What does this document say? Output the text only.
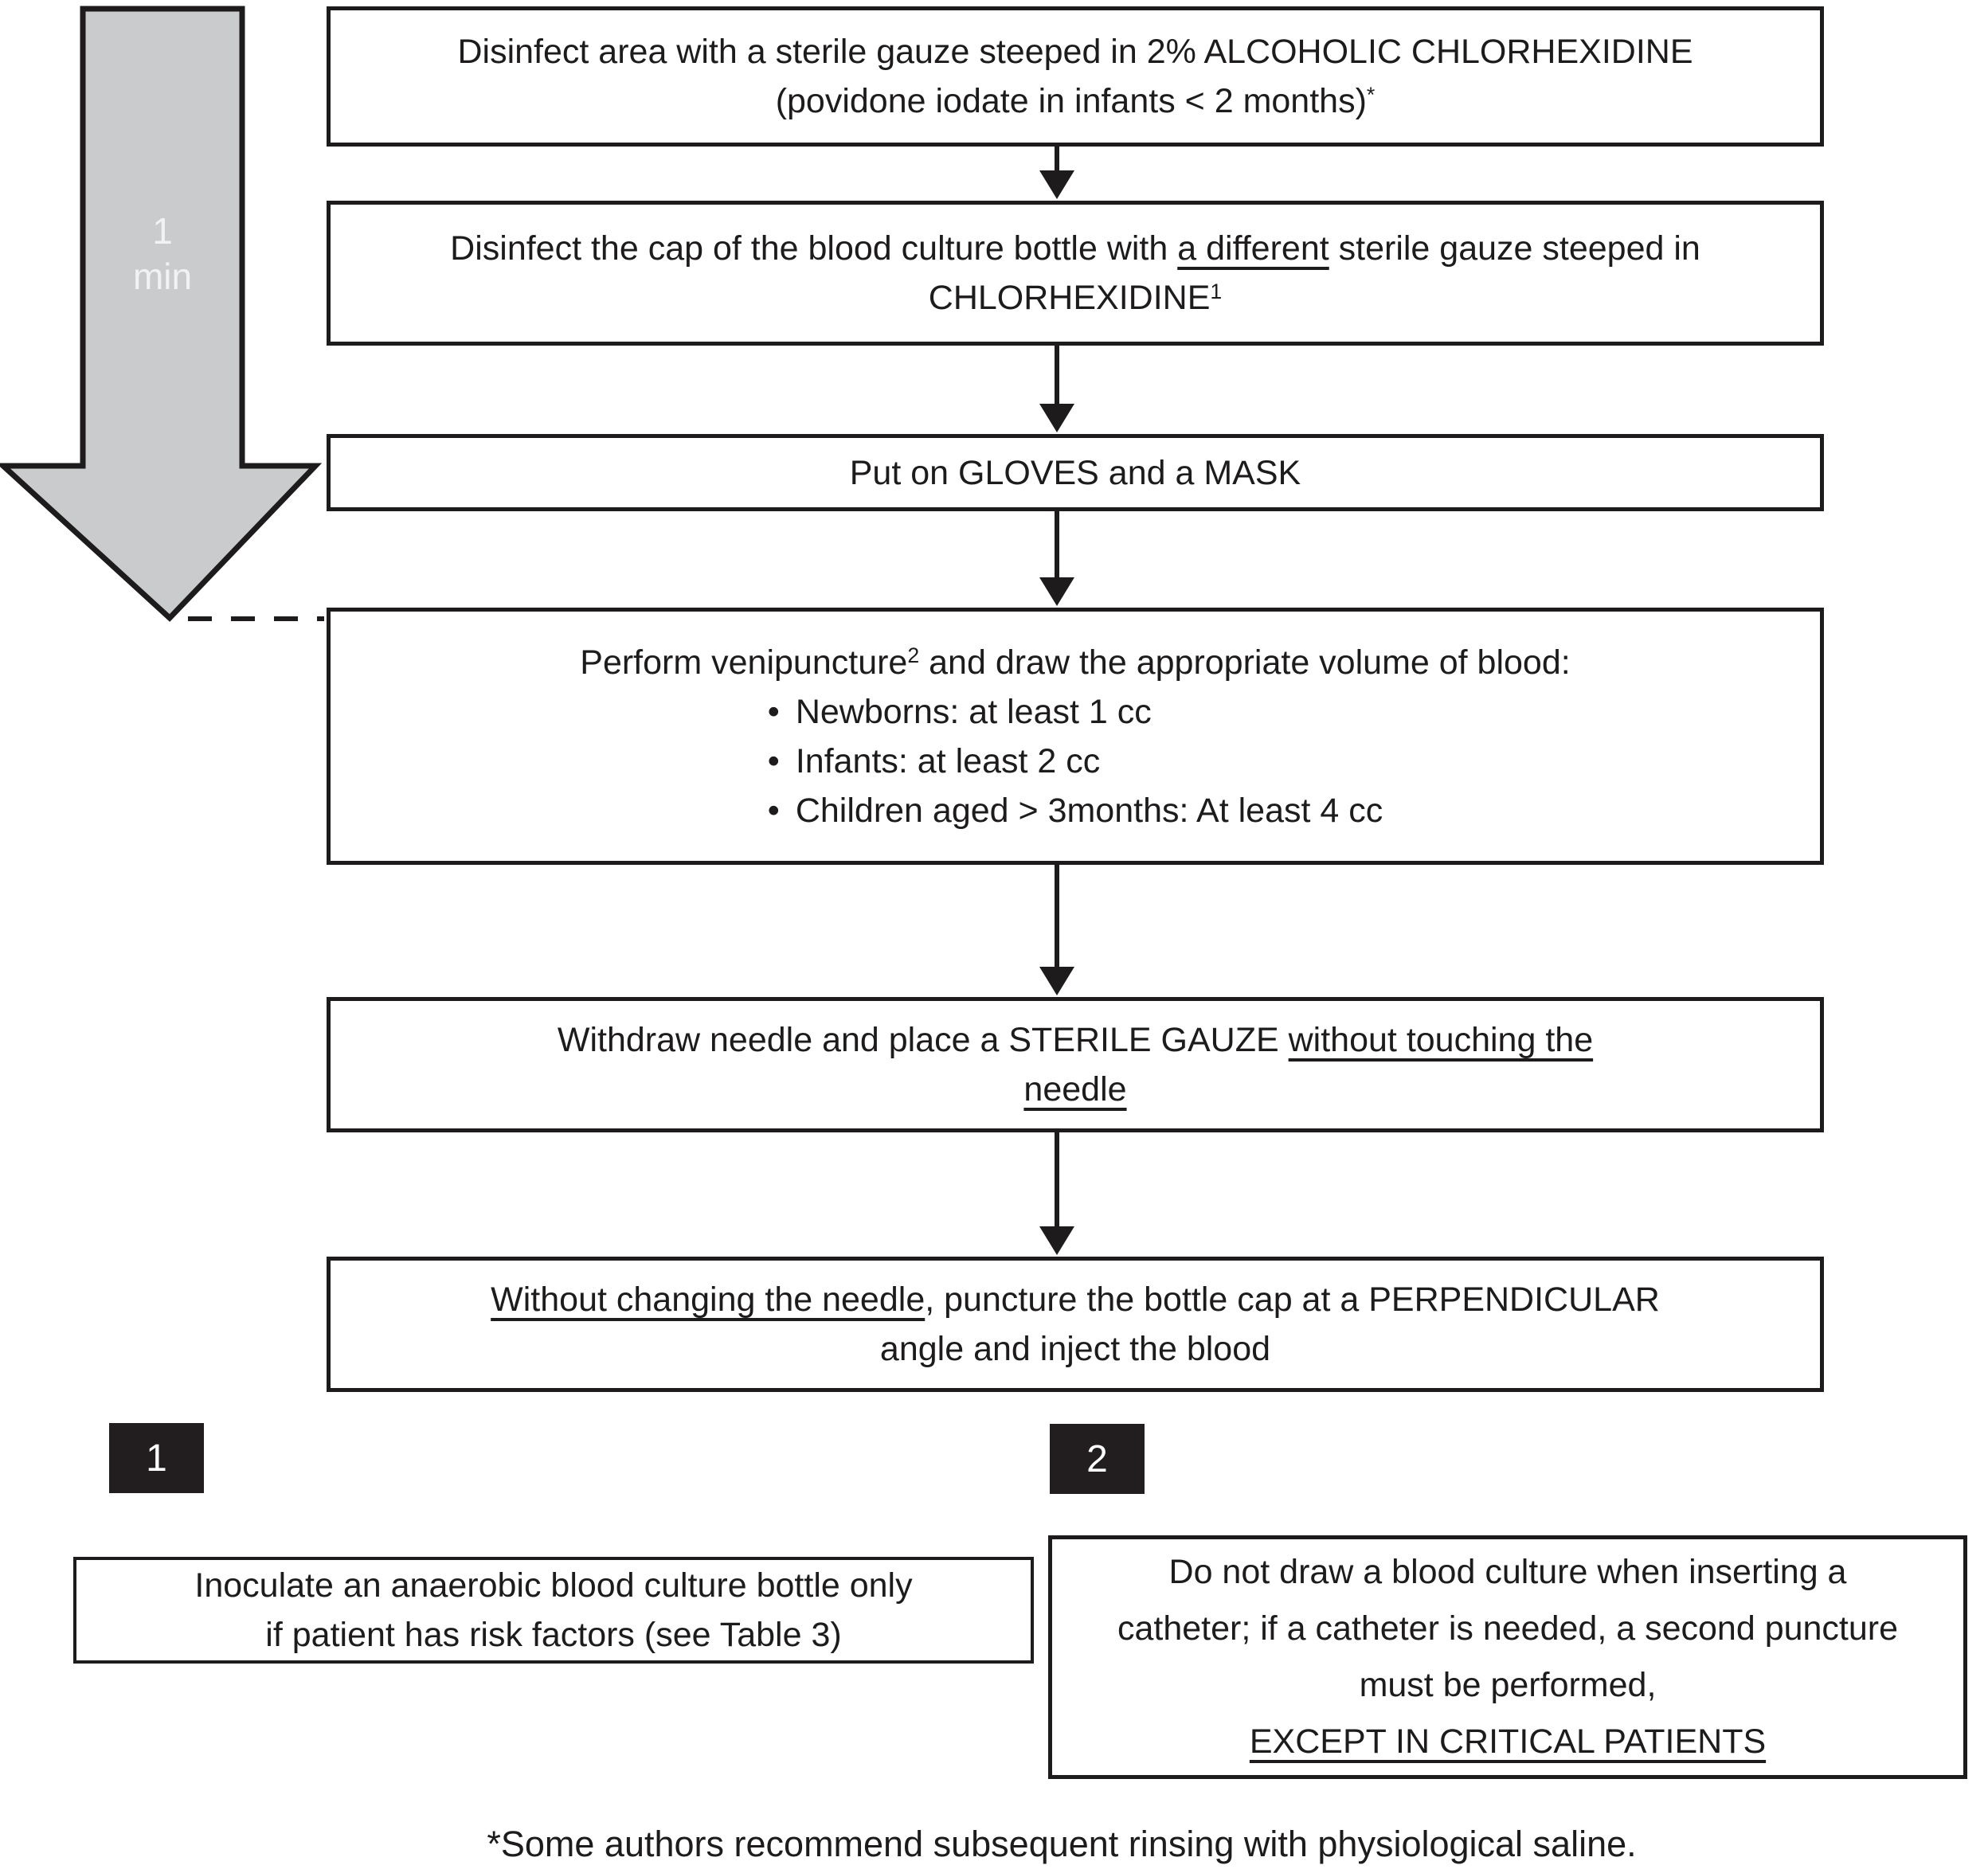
1
min
Disinfect area with a sterile gauze steeped in 2% ALCOHOLIC CHLORHEXIDINE
(povidone iodate in infants < 2 months)*
Disinfect the cap of the blood culture bottle with a different sterile gauze steeped in
CHLORHEXIDINE$^1$
Put on GLOVES and a MASK
Perform venipuncture$^2$ and draw the appropriate volume of blood:
• Newborns: at least 1 cc
• Infants: at least 2 cc
• Children aged > 3months: At least 4 cc
Withdraw needle and place a STERILE GAUZE without touching the
needle
Without changing the needle, puncture the bottle cap at a PERPENDICULAR
angle and inject the blood
1	2
Inoculate an anaerobic blood culture bottle only
if patient has risk factors (see Table 3)
Do not draw a blood culture when inserting a
catheter; if a catheter is needed, a second puncture
must be performed,
EXCEPT IN CRITICAL PATIENTS
*Some authors recommend subsequent rinsing with physiological saline.
